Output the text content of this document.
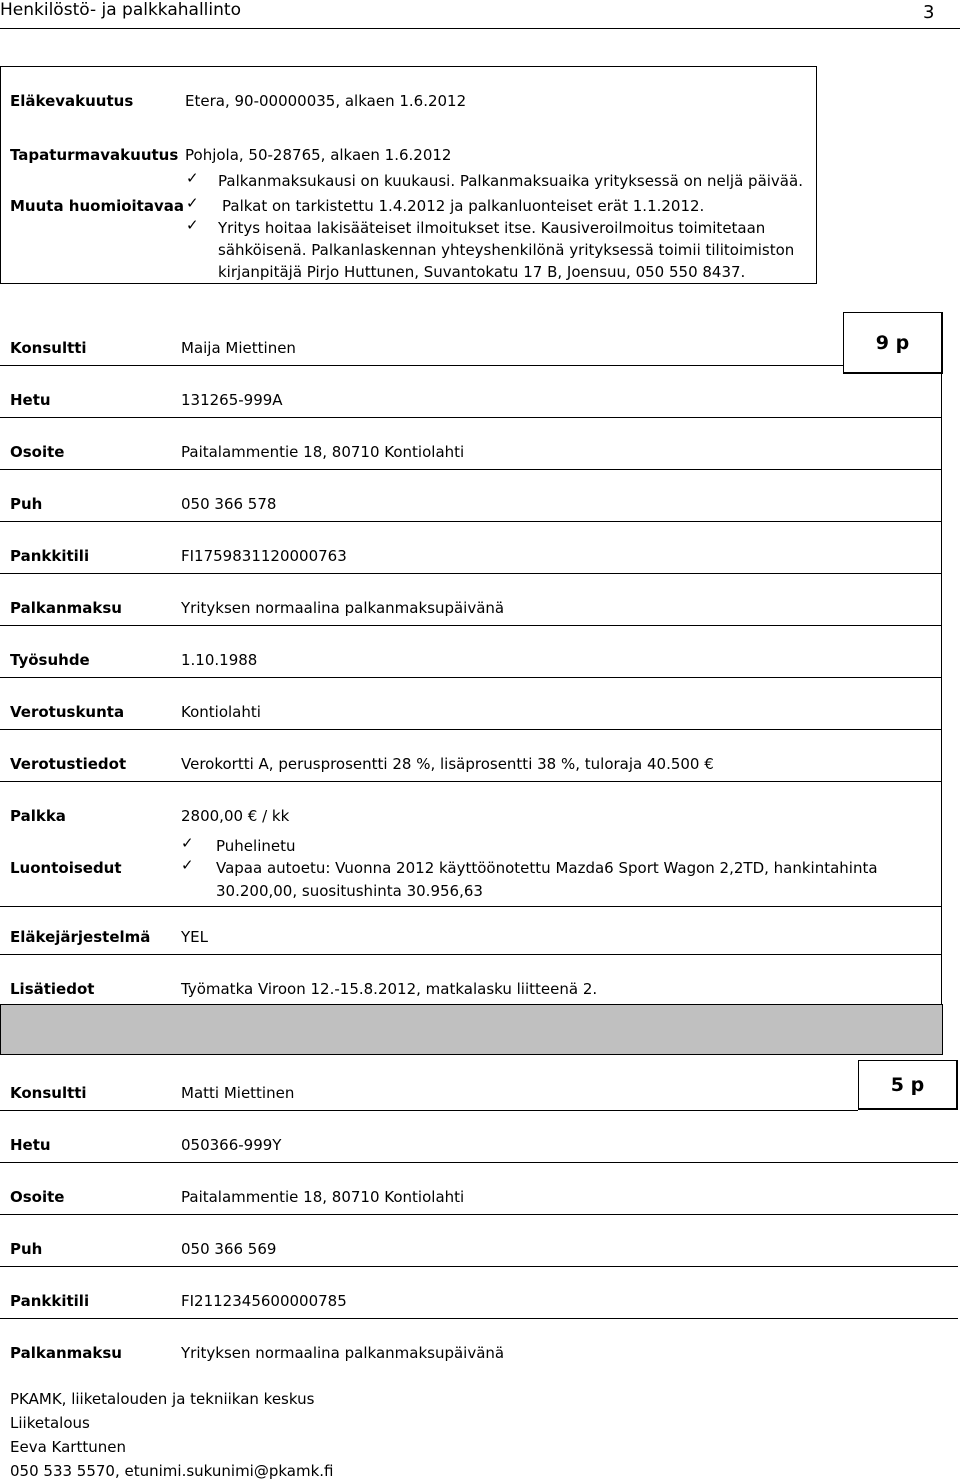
Henkilöstö- ja palkkahallinto	3
Eläkevakuutus	Etera, 90-00000035, alkaen 1.6.2012
Tapaturmavakuutus Pohjola, 50-28765, alkaen 1.6.2012
Muuta huomioitavaa
✓ Palkanmaksukausi on kuukausi. Palkanmaksuaika yrityksessä on neljä päivää.
✓ Palkat on tarkistettu 1.4.2012 ja palkanluonteiset erät 1.1.2012.
✓ Yritys hoitaa lakisääteiset ilmoitukset itse. Kausiveroilmoitus toimitetaan
sähköisenä. Palkanlaskennan yhteyshenkilönä yrityksessä toimii tilitoimiston
kirjanpitäjä Pirjo Huttunen, Suvantokatu 17 B, Joensuu, 050 550 8437.
9 p
Konsultti	Maija Miettinen
Hetu	131265-999A
Osoite	Paitalammentie 18, 80710 Kontiolahti
Puh	050 366 578
Pankkitili	FI1759831120000763
Palkanmaksu	Yrityksen normaalina palkanmaksupäivänä
Työsuhde	1.10.1988
Verotuskunta	Kontiolahti
Verotustiedot	Verokortti A, perusprosentti 28 %, lisäprosentti 38 %, tuloraja 40.500 €
Palkka	2800,00 € / kk
Luontoisedut
✓ Puhelinetu
✓ Vapaa autoetu: Vuonna 2012 käyttöönotettu Mazda6 Sport Wagon 2,2TD, hankintahinta
30.200,00, suositushinta 30.956,63
Eläkejärjestelmä YEL
Lisätiedot	Työmatka Viroon 12.-15.8.2012, matkalasku liitteenä 2.
5 p
Konsultti	Matti Miettinen
Hetu	050366-999Y
Osoite	Paitalammentie 18, 80710 Kontiolahti
Puh	050 366 569
Pankkitili	FI2112345600000785
Palkanmaksu	Yrityksen normaalina palkanmaksupäivänä
PKAMK, liiketalouden ja tekniikan keskus
Liiketalous
Eeva Karttunen
050 533 5570, etunimi.sukunimi@pkamk.fi
